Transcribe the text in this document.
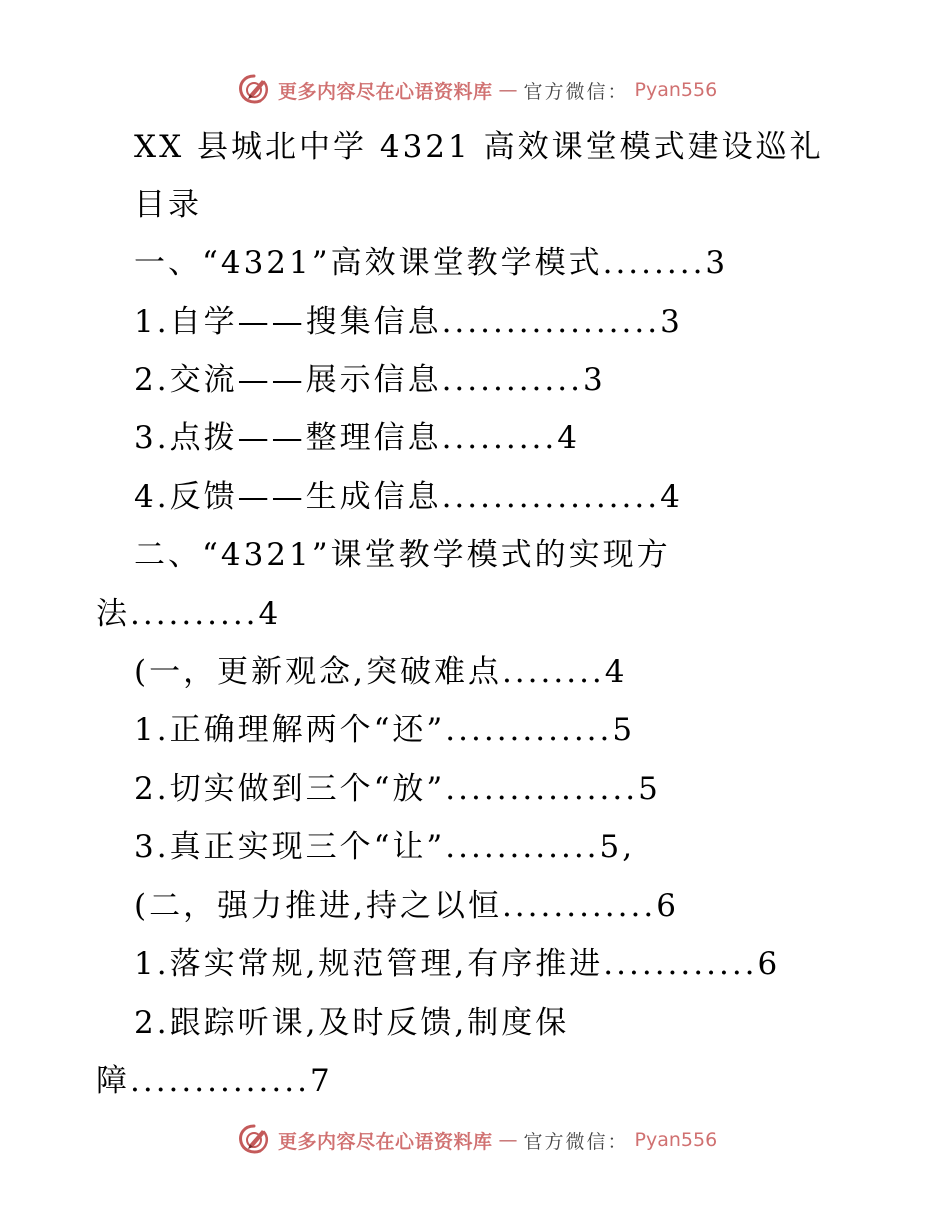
更多内容尽在心语资料库 — 官方微信： Pyan556
XX 县城北中学 4321 高效课堂模式建设巡礼
目录
一、“4321”高效课堂教学模式........3
1.自学——搜集信息.................3
2.交流——展示信息...........3
3.点拨——整理信息.........4
4.反馈——生成信息.................4
二、“4321”课堂教学模式的实现方
法..........4
(一，更新观念,突破难点........4
1.正确理解两个“还”.............5
2.切实做到三个“放”...............5
3.真正实现三个“让”............5,
(二，强力推进,持之以恒............6
1.落实常规,规范管理,有序推进............6
2.跟踪听课,及时反馈,制度保
障..............7
更多内容尽在心语资料库 — 官方微信： Pyan556
